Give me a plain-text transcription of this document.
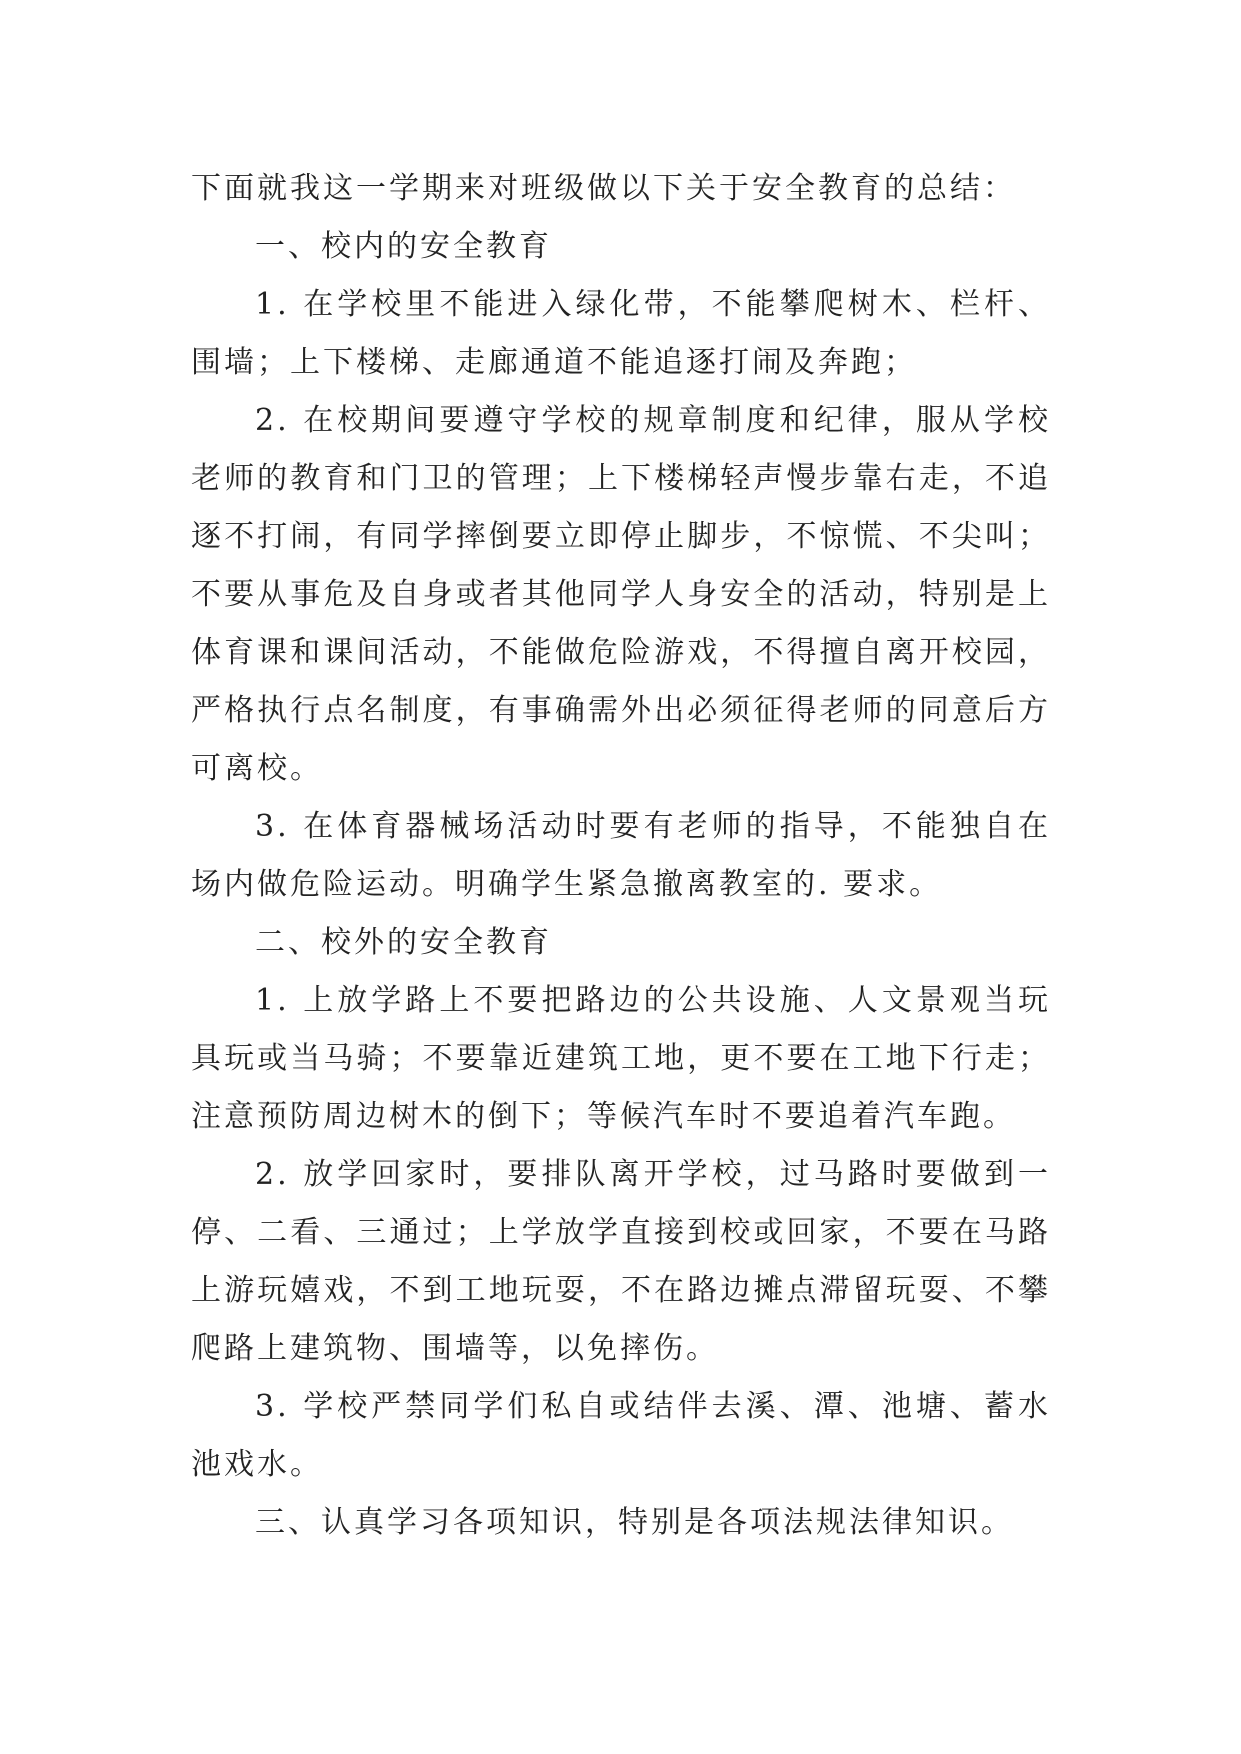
下面就我这一学期来对班级做以下关于安全教育的总结：

一、校内的安全教育

1. 在学校里不能进入绿化带，不能攀爬树木、栏杆、围墙；上下楼梯、走廊通道不能追逐打闹及奔跑；

2. 在校期间要遵守学校的规章制度和纪律，服从学校老师的教育和门卫的管理；上下楼梯轻声慢步靠右走，不追逐不打闹，有同学摔倒要立即停止脚步，不惊慌、不尖叫；不要从事危及自身或者其他同学人身安全的活动，特别是上体育课和课间活动，不能做危险游戏，不得擅自离开校园，严格执行点名制度，有事确需外出必须征得老师的同意后方可离校。

3. 在体育器械场活动时要有老师的指导，不能独自在场内做危险运动。明确学生紧急撤离教室的. 要求。

二、校外的安全教育

1. 上放学路上不要把路边的公共设施、人文景观当玩具玩或当马骑；不要靠近建筑工地，更不要在工地下行走；注意预防周边树木的倒下；等候汽车时不要追着汽车跑。

2. 放学回家时，要排队离开学校，过马路时要做到一停、二看、三通过；上学放学直接到校或回家，不要在马路上游玩嬉戏，不到工地玩耍，不在路边摊点滞留玩耍、不攀爬路上建筑物、围墙等，以免摔伤。

3. 学校严禁同学们私自或结伴去溪、潭、池塘、蓄水池戏水。

三、认真学习各项知识，特别是各项法规法律知识。
